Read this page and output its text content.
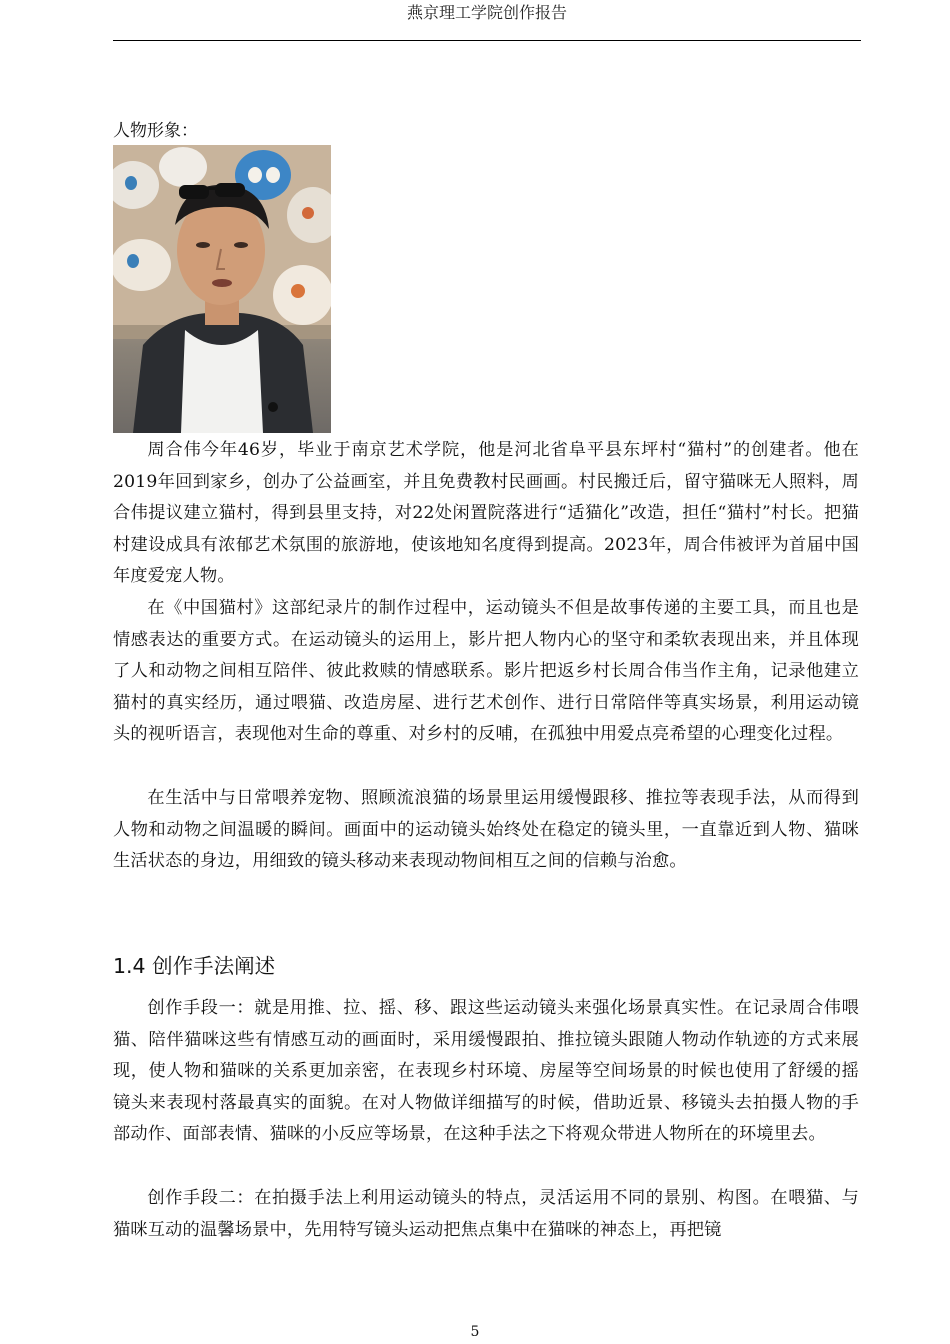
燕京理工学院创作报告
人物形象：

周合伟今年46岁，毕业于南京艺术学院，他是河北省阜平县东坪村“猫村”的创建者。他在2019年回到家乡，创办了公益画室，并且免费教村民画画。村民搬迁后，留守猫咪无人照料，周合伟提议建立猫村，得到县里支持，对22处闲置院落进行“适猫化”改造，担任“猫村”村长。把猫村建设成具有浓郁艺术氛围的旅游地，使该地知名度得到提高。2023年，周合伟被评为首届中国年度爱宠人物。

在《中国猫村》这部纪录片的制作过程中，运动镜头不但是故事传递的主要工具，而且也是情感表达的重要方式。在运动镜头的运用上，影片把人物内心的坚守和柔软表现出来，并且体现了人和动物之间相互陪伴、彼此救赎的情感联系。影片把返乡村长周合伟当作主角，记录他建立猫村的真实经历，通过喂猫、改造房屋、进行艺术创作、进行日常陪伴等真实场景，利用运动镜头的视听语言，表现他对生命的尊重、对乡村的反哺，在孤独中用爱点亮希望的心理变化过程。

在生活中与日常喂养宠物、照顾流浪猫的场景里运用缓慢跟移、推拉等表现手法，从而得到人物和动物之间温暖的瞬间。画面中的运动镜头始终处在稳定的镜头里，一直靠近到人物、猫咪生活状态的身边，用细致的镜头移动来表现动物间相互之间的信赖与治愈。

1.4 创作手法阐述

创作手段一：就是用推、拉、摇、移、跟这些运动镜头来强化场景真实性。在记录周合伟喂猫、陪伴猫咪这些有情感互动的画面时，采用缓慢跟拍、推拉镜头跟随人物动作轨迹的方式来展现，使人物和猫咪的关系更加亲密，在表现乡村环境、房屋等空间场景的时候也使用了舒缓的摇镜头来表现村落最真实的面貌。在对人物做详细描写的时候，借助近景、移镜头去拍摄人物的手部动作、面部表情、猫咪的小反应等场景，在这种手法之下将观众带进人物所在的环境里去。

创作手段二：在拍摄手法上利用运动镜头的特点，灵活运用不同的景别、构图。在喂猫、与猫咪互动的温馨场景中，先用特写镜头运动把焦点集中在猫咪的神态上，再把镜

5
